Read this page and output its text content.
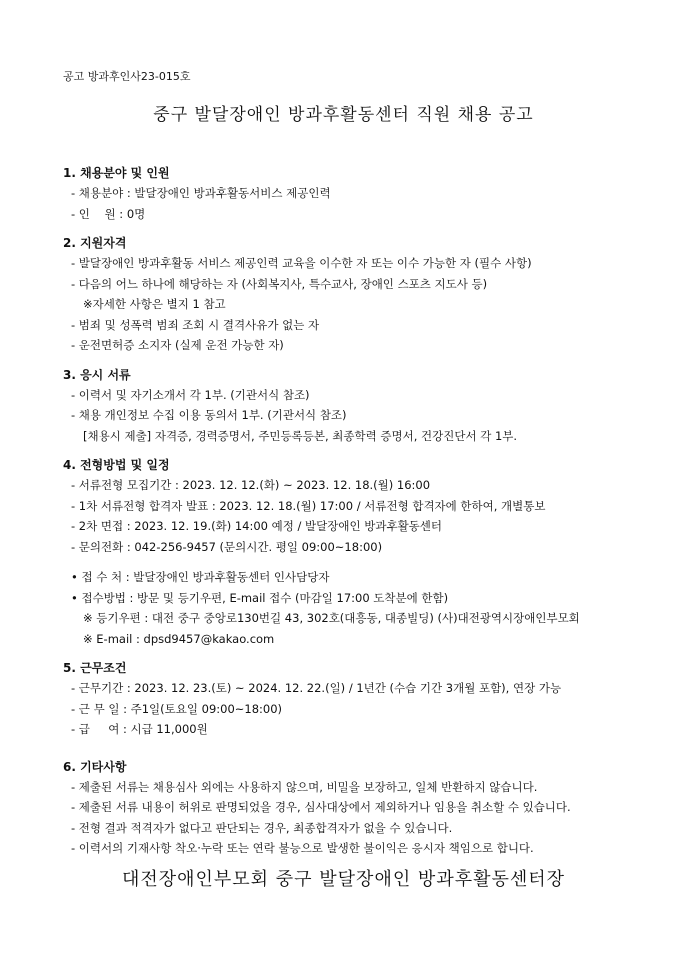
공고 방과후인사23-015호
중구 발달장애인 방과후활동센터 직원 채용 공고
1. 채용분야 및 인원
- 채용분야 : 발달장애인 방과후활동서비스 제공인력
- 인    원 : 0명
2. 지원자격
- 발달장애인 방과후활동 서비스 제공인력 교육을 이수한 자 또는 이수 가능한 자 (필수 사항)
- 다음의 어느 하나에 해당하는 자 (사회복지사, 특수교사, 장애인 스포츠 지도사 등)
※자세한 사항은 별지 1 참고
- 범죄 및 성폭력 범죄 조회 시 결격사유가 없는 자
- 운전면허증 소지자 (실제 운전 가능한 자)
3. 응시 서류
- 이력서 및 자기소개서 각 1부. (기관서식 참조)
- 채용 개인정보 수집 이용 동의서 1부. (기관서식 참조)
[채용시 제출] 자격증, 경력증명서, 주민등록등본, 최종학력 증명서, 건강진단서 각 1부.
4. 전형방법 및 일정
- 서류전형 모집기간 : 2023. 12. 12.(화) ~ 2023. 12. 18.(월) 16:00
- 1차 서류전형 합격자 발표 : 2023. 12. 18.(월) 17:00 / 서류전형 합격자에 한하여, 개별통보
- 2차 면접 : 2023. 12. 19.(화) 14:00 예정 / 발달장애인 방과후활동센터
- 문의전화 : 042-256-9457 (문의시간. 평일 09:00~18:00)
• 접 수 처 : 발달장애인 방과후활동센터 인사담당자
• 접수방법 : 방문 및 등기우편, E-mail 접수 (마감일 17:00 도착분에 한함)
※ 등기우편 : 대전 중구 중앙로130번길 43, 302호(대흥동, 대종빌딩) (사)대전광역시장애인부모회
※ E-mail : dpsd9457@kakao.com
5. 근무조건
- 근무기간 : 2023. 12. 23.(토) ~ 2024. 12. 22.(일) / 1년간 (수습 기간 3개월 포함), 연장 가능
- 근 무 일 : 주1일(토요일 09:00~18:00)
- 급     여 : 시급 11,000원
6. 기타사항
- 제출된 서류는 채용심사 외에는 사용하지 않으며, 비밀을 보장하고, 일체 반환하지 않습니다.
- 제출된 서류 내용이 허위로 판명되었을 경우, 심사대상에서 제외하거나 임용을 취소할 수 있습니다.
- 전형 결과 적격자가 없다고 판단되는 경우, 최종합격자가 없을 수 있습니다.
- 이력서의 기재사항 착오·누락 또는 연락 불능으로 발생한 불이익은 응시자 책임으로 합니다.
대전장애인부모회 중구 발달장애인 방과후활동센터장
